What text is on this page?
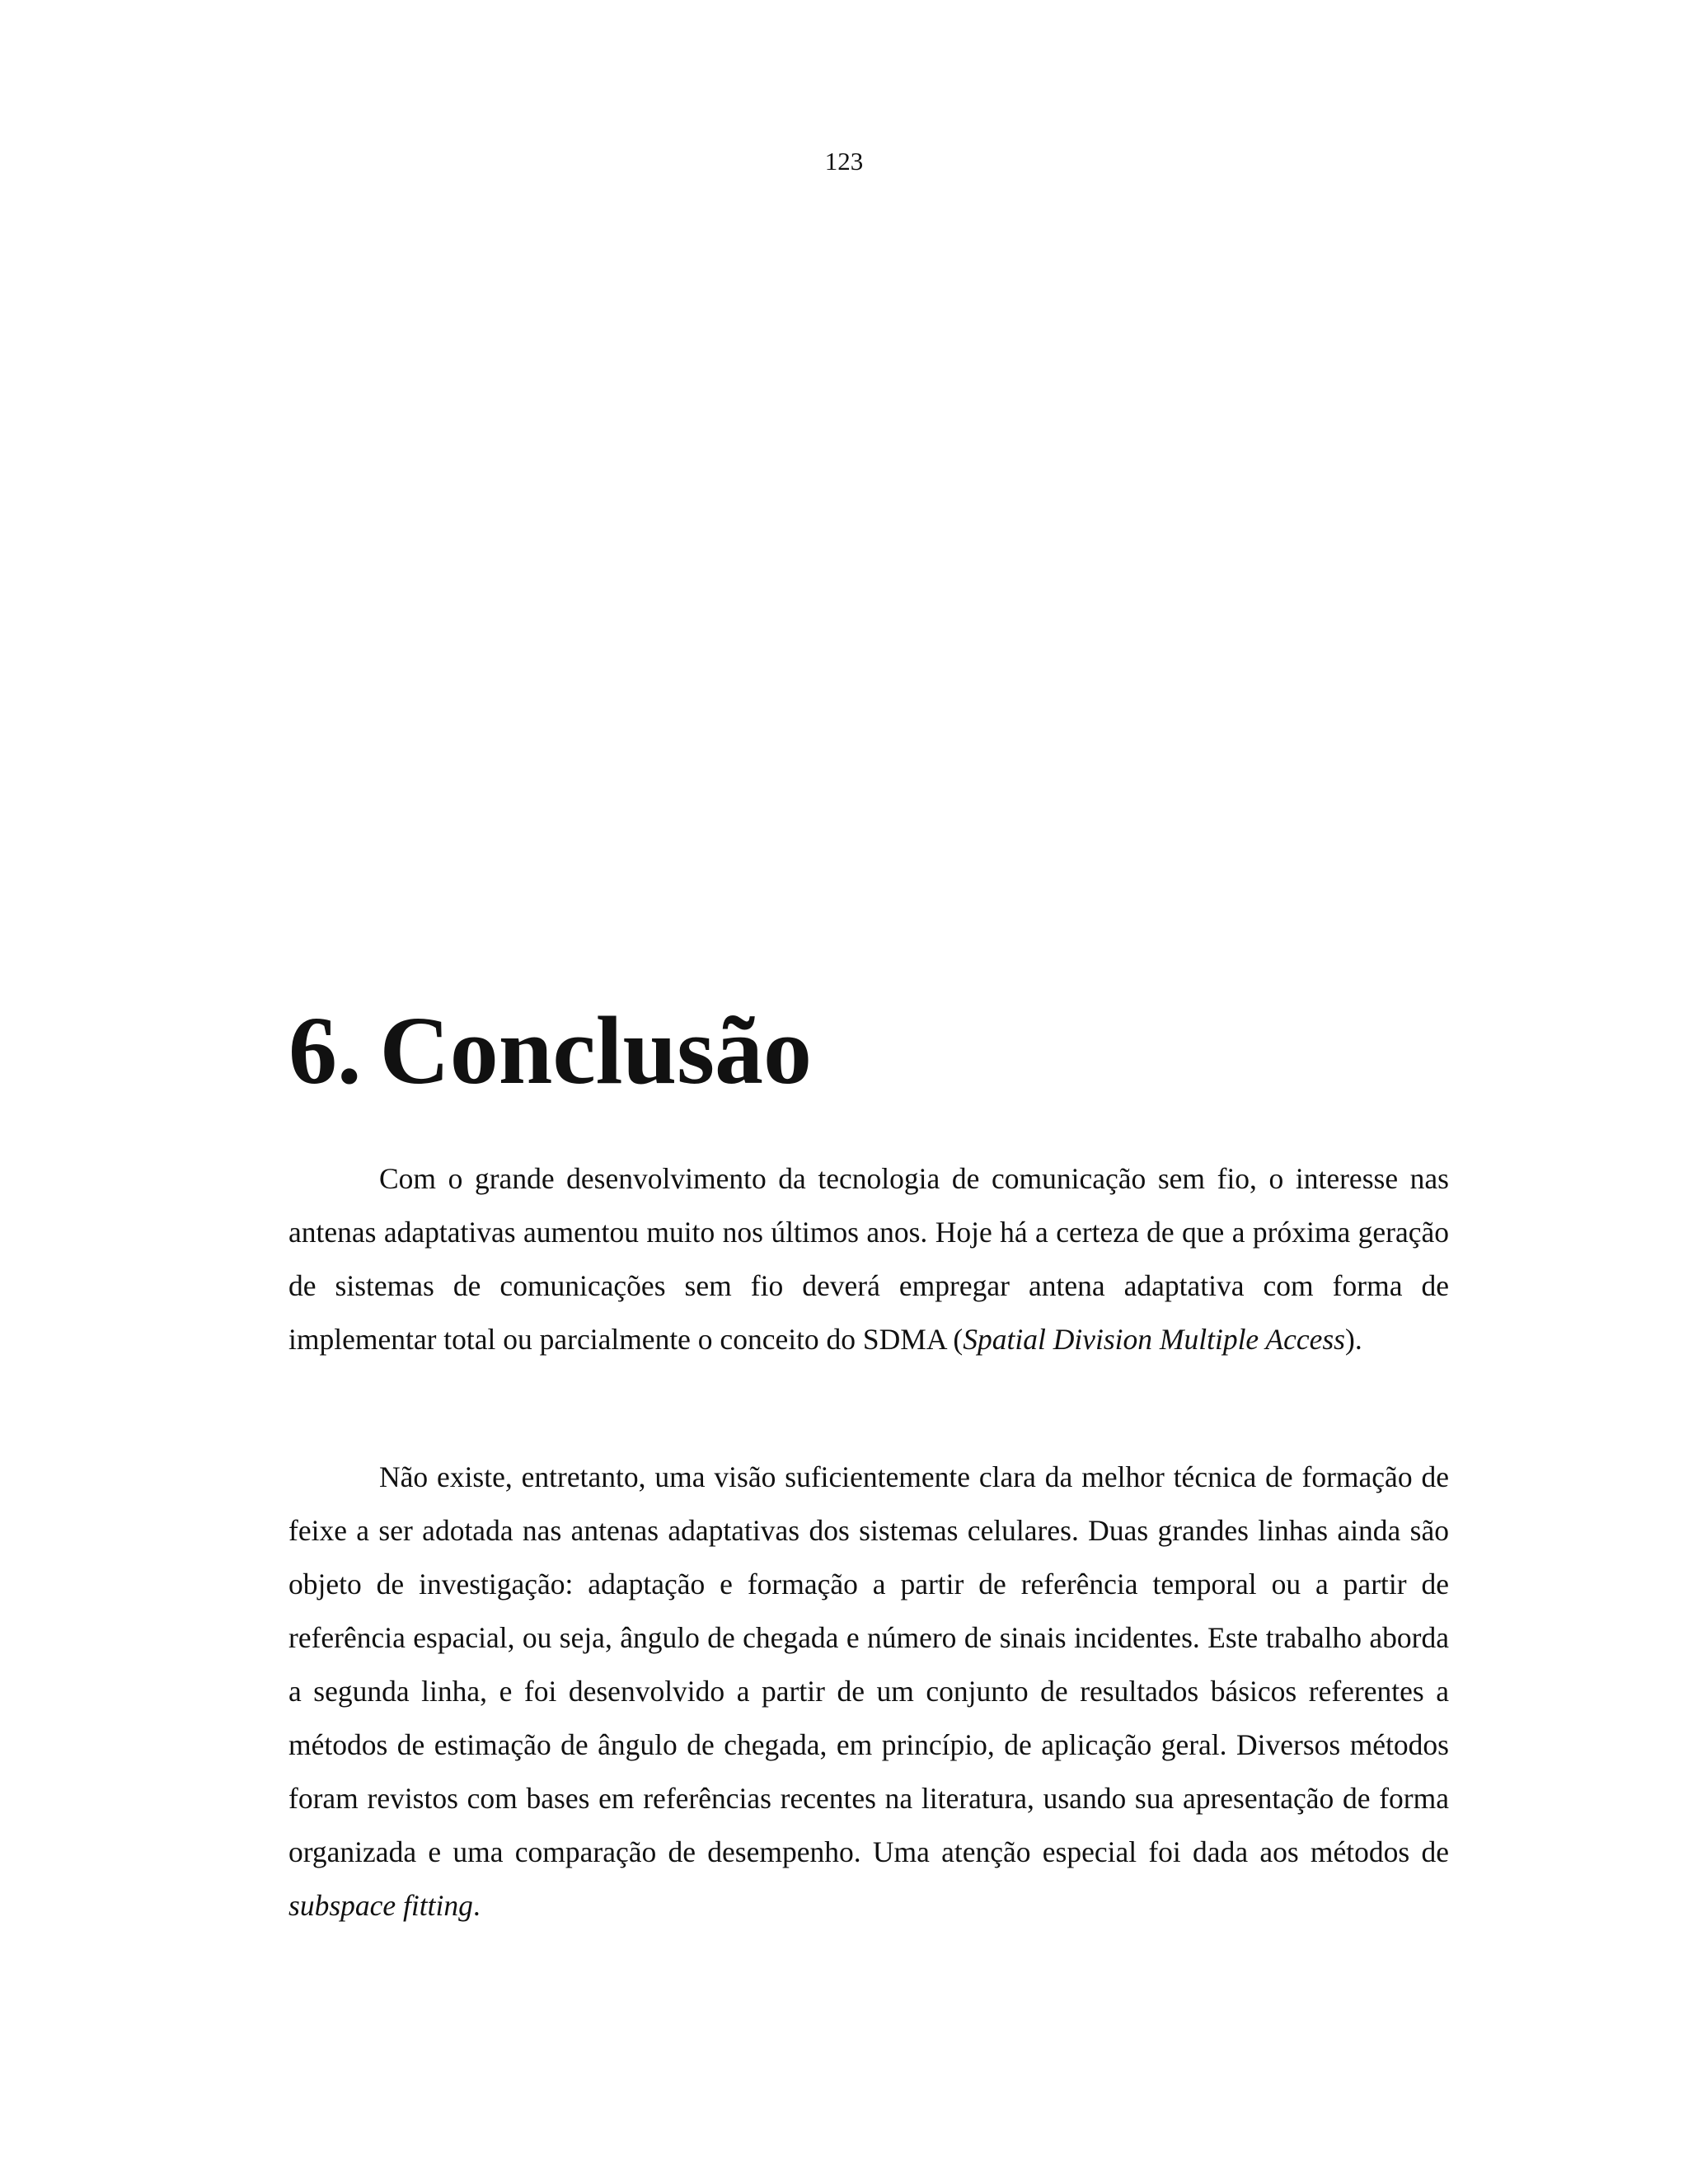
123
6. Conclusão

Com o grande desenvolvimento da tecnologia de comunicação sem fio, o interesse nas antenas adaptativas aumentou muito nos últimos anos. Hoje há a certeza de que a próxima geração de sistemas de comunicações sem fio deverá empregar antena adaptativa com forma de implementar total ou parcialmente o conceito do SDMA (Spatial Division Multiple Access).

Não existe, entretanto, uma visão suficientemente clara da melhor técnica de formação de feixe a ser adotada nas antenas adaptativas dos sistemas celulares. Duas grandes linhas ainda são objeto de investigação: adaptação e formação a partir de referência temporal ou a partir de referência espacial, ou seja, ângulo de chegada e número de sinais incidentes. Este trabalho aborda a segunda linha, e foi desenvolvido a partir de um conjunto de resultados básicos referentes a métodos de estimação de ângulo de chegada, em princípio, de aplicação geral. Diversos métodos foram revistos com bases em referências recentes na literatura, usando sua apresentação de forma organizada e uma comparação de desempenho. Uma atenção especial foi dada aos métodos de subspace fitting.
